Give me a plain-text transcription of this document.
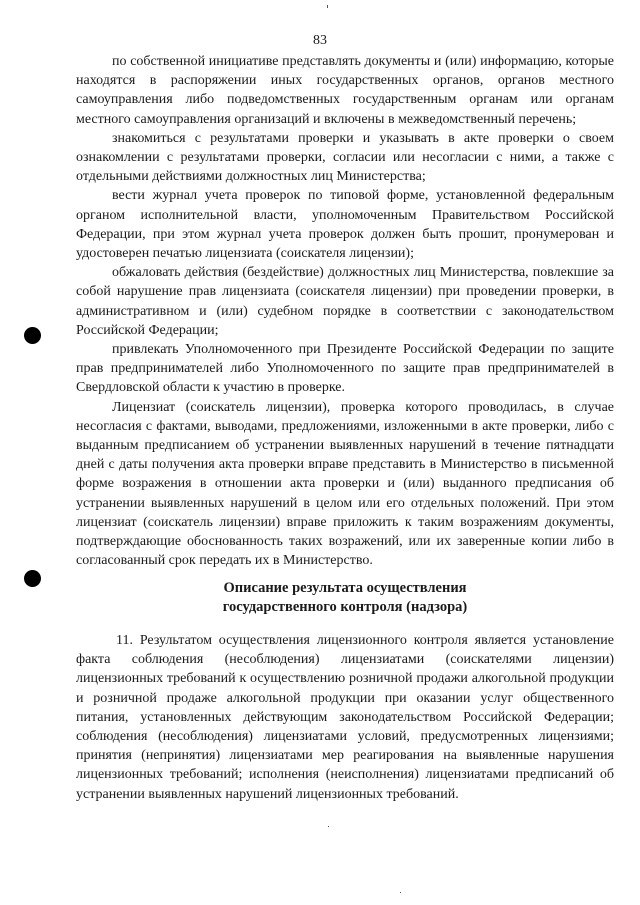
83

по собственной инициативе представлять документы и (или) информацию, которые находятся в распоряжении иных государственных органов, органов местного самоуправления либо подведомственных государственным органам или органам местного самоуправления организаций и включены в межведомственный перечень;

знакомиться с результатами проверки и указывать в акте проверки о своем ознакомлении с результатами проверки, согласии или несогласии с ними, а также с отдельными действиями должностных лиц Министерства;

вести журнал учета проверок по типовой форме, установленной федеральным органом исполнительной власти, уполномоченным Правительством Российской Федерации, при этом журнал учета проверок должен быть прошит, пронумерован и удостоверен печатью лицензиата (соискателя лицензии);

обжаловать действия (бездействие) должностных лиц Министерства, повлекшие за собой нарушение прав лицензиата (соискателя лицензии) при проведении проверки, в административном и (или) судебном порядке в соответствии с законодательством Российской Федерации;

привлекать Уполномоченного при Президенте Российской Федерации по защите прав предпринимателей либо Уполномоченного по защите прав предпринимателей в Свердловской области к участию в проверке.

Лицензиат (соискатель лицензии), проверка которого проводилась, в случае несогласия с фактами, выводами, предложениями, изложенными в акте проверки, либо с выданным предписанием об устранении выявленных нарушений в течение пятнадцати дней с даты получения акта проверки вправе представить в Министерство в письменной форме возражения в отношении акта проверки и (или) выданного предписания об устранении выявленных нарушений в целом или его отдельных положений. При этом лицензиат (соискатель лицензии) вправе приложить к таким возражениям документы, подтверждающие обоснованность таких возражений, или их заверенные копии либо в согласованный срок передать их в Министерство.

Описание результата осуществления
государственного контроля (надзора)

11. Результатом осуществления лицензионного контроля является установление факта соблюдения (несоблюдения) лицензиатами (соискателями лицензии) лицензионных требований к осуществлению розничной продажи алкогольной продукции и розничной продаже алкогольной продукции при оказании услуг общественного питания, установленных действующим законодательством Российской Федерации; соблюдения (несоблюдения) лицензиатами условий, предусмотренных лицензиями; принятия (непринятия) лицензиатами мер реагирования на выявленные нарушения лицензионных требований; исполнения (неисполнения) лицензиатами предписаний об устранении выявленных нарушений лицензионных требований.
